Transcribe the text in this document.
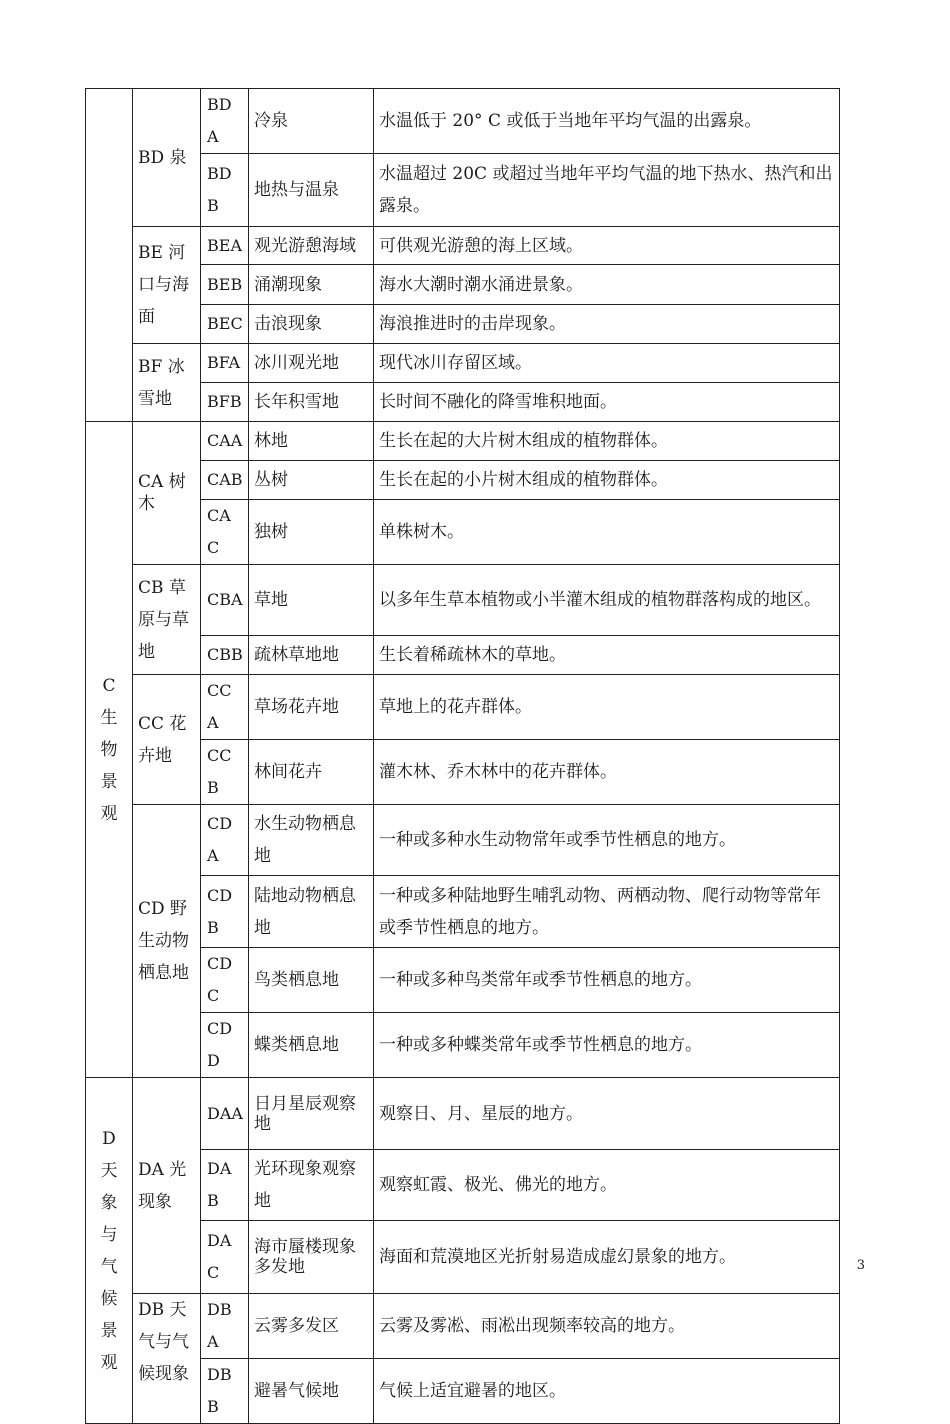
	BD 泉	BDA	冷泉	水温低于 20° C 或低于当地年平均气温的出露泉。
		BDB	地热与温泉	水温超过 20C 或超过当地年平均气温的地下热水、热汽和出露泉。
	BE 河口与海面	BEA	观光游憩海域	可供观光游憩的海上区域。
		BEB	涌潮现象	海水大潮时潮水涌进景象。
		BEC	击浪现象	海浪推进时的击岸现象。
	BF 冰雪地	BFA	冰川观光地	现代冰川存留区域。
		BFB	长年积雪地	长时间不融化的降雪堆积地面。

C 生物景观	CA 树木	CAA	林地	生长在起的大片树木组成的植物群体。
		CAB	丛树	生长在起的小片树木组成的植物群体。
		CAC	独树	单株树木。
	CB 草原与草地	CBA	草地	以多年生草本植物或小半灌木组成的植物群落构成的地区。
		CBB	疏林草地地	生长着稀疏林木的草地。
	CC 花卉地	CCA	草场花卉地	草地上的花卉群体。
		CCB	林间花卉	灌木林、乔木林中的花卉群体。
	CD 野生动物栖息地	CDA	水生动物栖息地	一种或多种水生动物常年或季节性栖息的地方。
		CDB	陆地动物栖息地	一种或多种陆地野生哺乳动物、两栖动物、爬行动物等常年或季节性栖息的地方。
		CDC	鸟类栖息地	一种或多种鸟类常年或季节性栖息的地方。
		CDD	蝶类栖息地	一种或多种蝶类常年或季节性栖息的地方。

D 天象与气候景观	DA 光现象	DAA	日月星辰观察地	观察日、月、星辰的地方。
		DAB	光环现象观察地	观察虹霞、极光、佛光的地方。
		DAC	海市蜃楼现象多发地	海面和荒漠地区光折射易造成虚幻景象的地方。
	DB 天气与气候现象	DBA	云雾多发区	云雾及雾凇、雨凇出现频率较高的地方。
		DBB	避暑气候地	气候上适宜避暑的地区。
3
